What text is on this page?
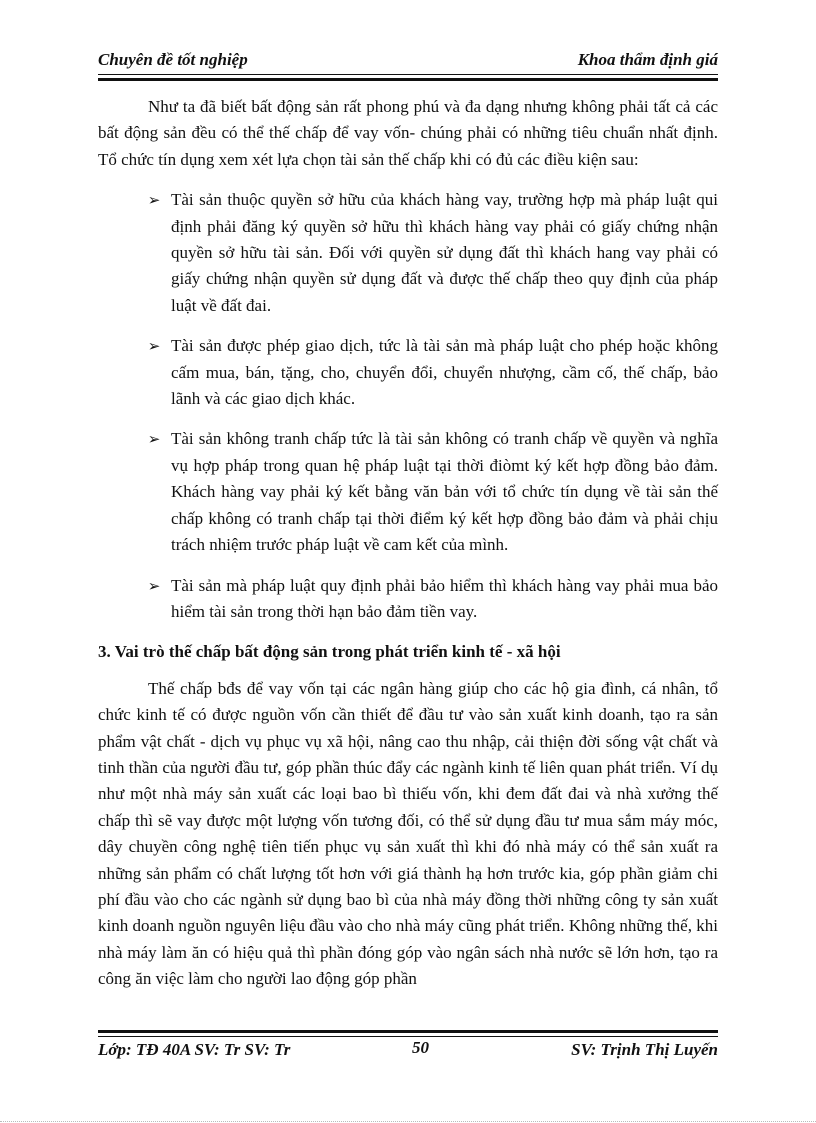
Chuyên đề tốt nghiệp	Khoa thẩm định giá

Như ta đã biết bất động sản rất phong phú và đa dạng nhưng không phải tất cả các bất động sản đều có thể thế chấp để vay vốn- chúng phải có những tiêu chuẩn nhất định. Tổ chức tín dụng xem xét lựa chọn tài sản thế chấp khi có đủ các điều kiện sau:

➢ Tài sản thuộc quyền sở hữu của khách hàng vay, trường hợp mà pháp luật qui định phải đăng ký quyền sở hữu thì khách hàng vay phải có giấy chứng nhận quyền sở hữu tài sản. Đối với quyền sử dụng đất thì khách hang vay phải có giấy chứng nhận quyền sử dụng đất và được thế chấp theo quy định của pháp luật về đất đai.
➢ Tài sản được phép giao dịch, tức là tài sản mà pháp luật cho phép hoặc không cấm mua, bán, tặng, cho, chuyển đổi, chuyển nhượng, cầm cố, thế chấp, bảo lãnh và các giao dịch khác.
➢ Tài sản không tranh chấp tức là tài sản không có tranh chấp về quyền và nghĩa vụ hợp pháp trong quan hệ pháp luật tại thời điòmt ký kết hợp đồng bảo đảm. Khách hàng vay phải ký kết bằng văn bản với tổ chức tín dụng về tài sản thế chấp không có tranh chấp tại thời điểm ký kết hợp đồng bảo đảm và phải chịu trách nhiệm trước pháp luật về cam kết của mình.
➢ Tài sản mà pháp luật quy định phải bảo hiểm thì khách hàng vay phải mua bảo hiểm tài sản trong thời hạn bảo đảm tiền vay.
3. Vai trò thế chấp bất động sản trong phát triển kinh tế - xã hội

Thế chấp bđs để vay vốn tại các ngân hàng giúp cho các hộ gia đình, cá nhân, tổ chức kinh tế có được nguồn vốn cần thiết để đầu tư vào sản xuất kinh doanh, tạo ra sản phẩm vật chất - dịch vụ phục vụ xã hội, nâng cao thu nhập, cải thiện đời sống vật chất và tinh thần của người đầu tư, góp phần thúc đẩy các ngành kinh tế liên quan phát triển. Ví dụ như một nhà máy sản xuất các loại bao bì thiếu vốn, khi đem đất đai và nhà xưởng thế chấp thì sẽ vay được một lượng vốn tương đối, có thể sử dụng đầu tư mua sắm máy móc, dây chuyền công nghệ tiên tiến phục vụ sản xuất thì khi đó nhà máy có thể sản xuất ra những sản phẩm có chất lượng tốt hơn với giá thành hạ hơn trước kia, góp phần giảm chi phí đầu vào cho các ngành sử dụng bao bì của nhà máy đồng thời những công ty sản xuất kinh doanh nguồn nguyên liệu đầu vào cho nhà máy cũng phát triển. Không những thế, khi nhà máy làm ăn có hiệu quả thì phần đóng góp vào ngân sách nhà nước sẽ lớn hơn, tạo ra công ăn việc làm cho người lao động góp phần

Lớp: TĐ 40A SV: Tr SV: Tr	50	SV: Trịnh Thị Luyến
